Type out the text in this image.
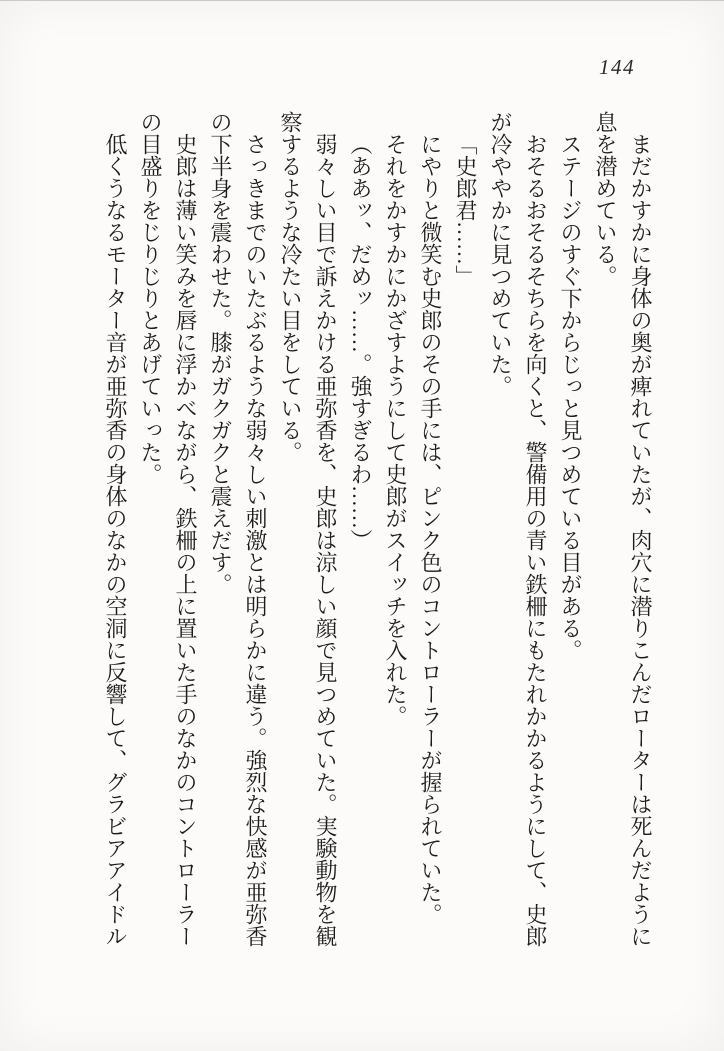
144
まだかすかに身体の奥が痺れていたが、肉穴に潜りこんだローターは死んだように
息を潜めている。
ステージのすぐ下からじっと見つめている目がある。
おそるおそるそちらを向くと、警備用の青い鉄柵にもたれかかるようにして、史郎
が冷ややかに見つめていた。
「史郎君……」
にやりと微笑む史郎のその手には、ピンク色のコントローラーが握られていた。
それをかすかにかざすようにして史郎がスイッチを入れた。
（ああッ、だめッ……。強すぎるわ……）
弱々しい目で訴えかける亜弥香を、史郎は涼しい顔で見つめていた。実験動物を観
察するような冷たい目をしている。
さっきまでのいたぶるような弱々しい刺激とは明らかに違う。強烈な快感が亜弥香
の下半身を震わせた。膝がガクガクと震えだす。
史郎は薄い笑みを唇に浮かべながら、鉄柵の上に置いた手のなかのコントローラー
の目盛りをじりじりとあげていった。
低くうなるモーター音が亜弥香の身体のなかの空洞に反響して、グラビアアイドル
